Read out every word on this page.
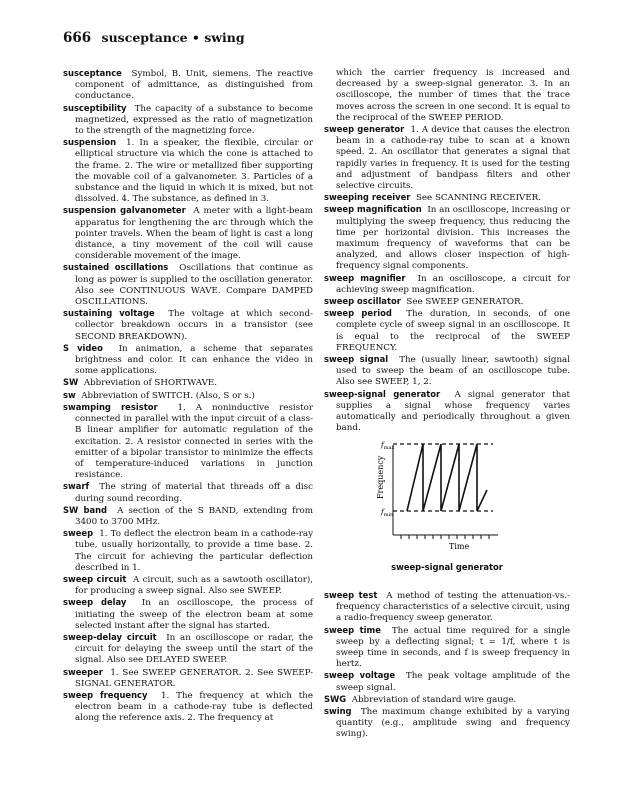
666 susceptance • swing

susceptance Symbol, B. Unit, siemens. The reactive component of admittance, as distinguished from conductance.

susceptibility The capacity of a substance to become magnetized, expressed as the ratio of magnetization to the strength of the magnetizing force.

suspension 1. In a speaker, the flexible, circular or elliptical structure via which the cone is attached to the frame. 2. The wire or metallized fiber supporting the movable coil of a galvanometer. 3. Particles of a substance and the liquid in which it is mixed, but not dissolved. 4. The substance, as defined in 3.

suspension galvanometer A meter with a light-beam apparatus for lengthening the arc through which the pointer travels. When the beam of light is cast a long distance, a tiny movement of the coil will cause considerable movement of the image.

sustained oscillations Oscillations that continue as long as power is supplied to the oscillation generator. Also see CONTINUOUS WAVE. Compare DAMPED OSCILLATIONS.

sustaining voltage The voltage at which second-collector breakdown occurs in a transistor (see SECOND BREAKDOWN).

S video In animation, a scheme that separates brightness and color. It can enhance the video in some applications.

SW Abbreviation of SHORTWAVE.

sw Abbreviation of SWITCH. (Also, S or s.)

swamping resistor 1. A noninductive resistor connected in parallel with the input circuit of a class-B linear amplifier for automatic regulation of the excitation. 2. A resistor connected in series with the emitter of a bipolar transistor to minimize the effects of temperature-induced variations in junction resistance.

swarf The string of material that threads off a disc during sound recording.

SW band A section of the S BAND, extending from 3400 to 3700 MHz.

sweep 1. To deflect the electron beam in a cathode-ray tube, usually horizontally, to provide a time base. 2. The circuit for achieving the particular deflection described in 1.

sweep circuit A circuit, such as a sawtooth oscillator), for producing a sweep signal. Also see SWEEP.

sweep delay In an oscilloscope, the process of initiating the sweep of the electron beam at some selected instant after the signal has started.

sweep-delay circuit In an oscilloscope or radar, the circuit for delaying the sweep until the start of the signal. Also see DELAYED SWEEP.

sweeper 1. See SWEEP GENERATOR. 2. See SWEEP-SIGNAL GENERATOR.

sweep frequency 1. The frequency at which the electron beam in a cathode-ray tube is deflected along the reference axis. 2. The frequency at

which the carrier frequency is increased and decreased by a sweep-signal generator. 3. In an oscilloscope, the number of times that the trace moves across the screen in one second. It is equal to the reciprocal of the SWEEP PERIOD.

sweep generator 1. A device that causes the electron beam in a cathode-ray tube to scan at a known speed. 2. An oscillator that generates a signal that rapidly varies in frequency. It is used for the testing and adjustment of bandpass filters and other selective circuits.

sweeping receiver See SCANNING RECEIVER.

sweep magnification In an oscilloscope, increasing or multiplying the sweep frequency, thus reducing the time per horizontal division. This increases the maximum frequency of waveforms that can be analyzed, and allows closer inspection of high-frequency signal components.

sweep magnifier In an oscilloscope, a circuit for achieving sweep magnification.

sweep oscillator See SWEEP GENERATOR.

sweep period The duration, in seconds, of one complete cycle of sweep signal in an oscilloscope. It is equal to the reciprocal of the SWEEP FREQUENCY.

sweep signal The (usually linear, sawtooth) signal used to sweep the beam of an oscilloscope tube. Also see SWEEP, 1, 2.

sweep-signal generator A signal generator that supplies a signal whose frequency varies automatically and periodically throughout a given band.

$f_{max}$
$f_{min}$
Frequency
Time
sweep-signal generator

sweep test A method of testing the attenuation-vs.-frequency characteristics of a selective circuit, using a radio-frequency sweep generator.

sweep time The actual time required for a single sweep by a deflecting signal; t = 1/f, where t is sweep time in seconds, and f is sweep frequency in hertz.

sweep voltage The peak voltage amplitude of the sweep signal.

SWG Abbreviation of standard wire gauge.

swing The maximum change exhibited by a varying quantity (e.g., amplitude swing and frequency swing).
